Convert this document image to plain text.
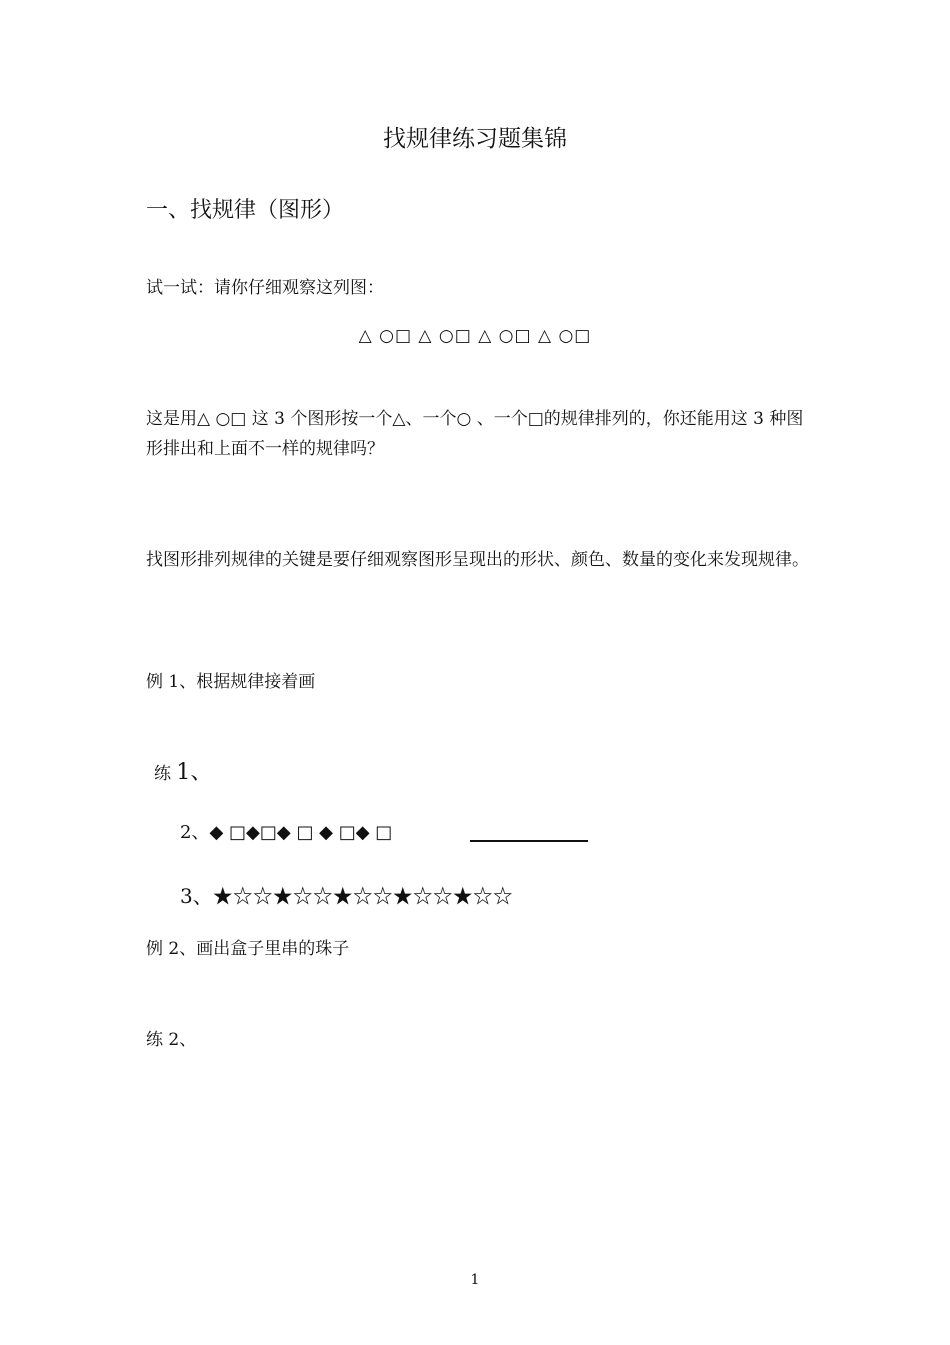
找规律练习题集锦
一、找规律（图形）
试一试：请你仔细观察这列图：
△ ○□ △ ○□ △ ○□ △ ○□
这是用△ ○□ 这 3 个图形按一个△、一个○ 、一个□的规律排列的，你还能用这 3 种图形排出和上面不一样的规律吗？
找图形排列规律的关键是要仔细观察图形呈现出的形状、颜色、数量的变化来发现规律。
例 1、根据规律接着画
练 1、
2、◆ □◆□◆ □ ◆ □◆ □
3、★☆☆★☆☆★☆☆★☆☆★☆☆
例 2、画出盒子里串的珠子
练 2、
1
